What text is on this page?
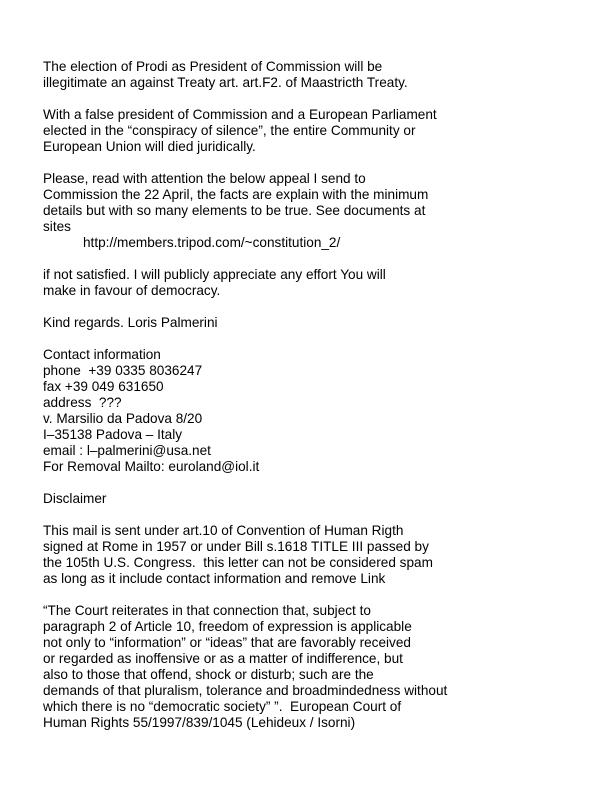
The election of Prodi as President of Commission will be
illegitimate an against Treaty art. art.F2. of Maastricth Treaty.
With a false president of Commission and a European Parliament
elected in the “conspiracy of silence”, the entire Community or
European Union will died juridically.
Please, read with attention the below appeal I send to
Commission the 22 April, the facts are explain with the minimum
details but with so many elements to be true. See documents at
sites
http://members.tripod.com/~constitution_2/
if not satisfied. I will publicly appreciate any effort You will
make in favour of democracy.
Kind regards. Loris Palmerini
Contact information
phone  +39 0335 8036247
fax +39 049 631650
address  ???
v. Marsilio da Padova 8/20
I–35138 Padova – Italy
email : l–palmerini@usa.net
For Removal Mailto: euroland@iol.it
Disclaimer
This mail is sent under art.10 of Convention of Human Rigth
signed at Rome in 1957 or under Bill s.1618 TITLE III passed by
the 105th U.S. Congress.  this letter can not be considered spam
as long as it include contact information and remove Link
“The Court reiterates in that connection that, subject to
paragraph 2 of Article 10, freedom of expression is applicable
not only to “information” or “ideas” that are favorably received
or regarded as inoffensive or as a matter of indifference, but
also to those that offend, shock or disturb; such are the
demands of that pluralism, tolerance and broadmindedness without
which there is no “democratic society” ”.  European Court of
Human Rights 55/1997/839/1045 (Lehideux / Isorni)
